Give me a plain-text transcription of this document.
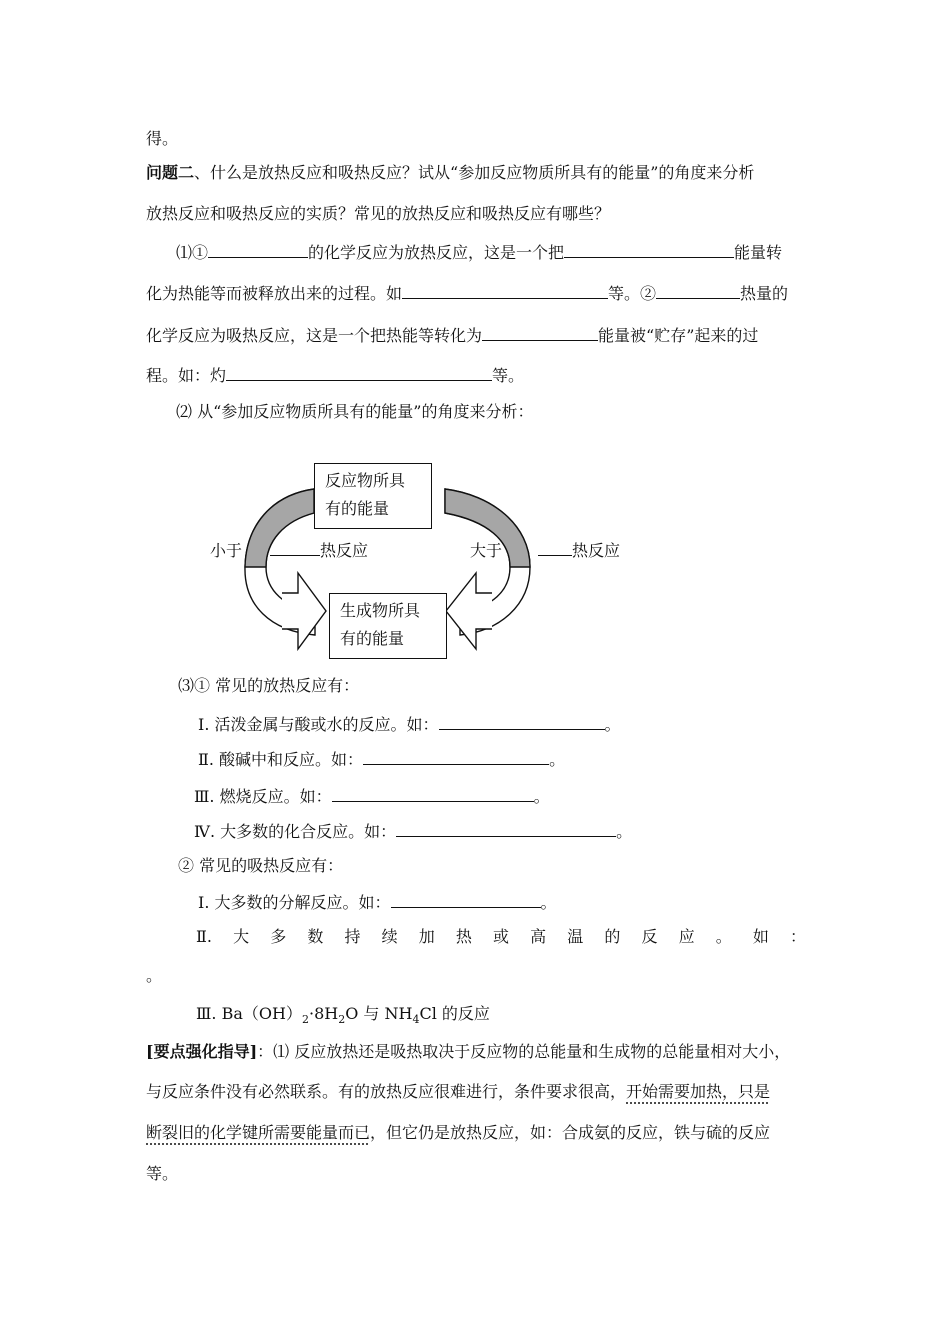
得。
问题二、什么是放热反应和吸热反应？试从“参加反应物质所具有的能量”的角度来分析
放热反应和吸热反应的实质？常见的放热反应和吸热反应有哪些？
⑴①	的化学反应为放热反应，这是一个把	能量转
化为热能等而被释放出来的过程。如	等。②	热量的
化学反应为吸热反应，这是一个把热能等转化为	能量被“贮存”起来的过
程。如：灼	等。
⑵ 从“参加反应物质所具有的能量”的角度来分析：
反应物所具
有的能量
生成物所具
有的能量
小于	热反应	大于	热反应
⑶① 常见的放热反应有：
Ⅰ. 活泼金属与酸或水的反应。如：	。
Ⅱ. 酸碱中和反应。如：	。
Ⅲ. 燃烧反应。如：	。
Ⅳ. 大多数的化合反应。如：	。
② 常见的吸热反应有：
Ⅰ. 大多数的分解反应。如：	。
Ⅱ. 大 多 数 持 续 加 热 或 高 温 的 反 应 。 如 ：
。
Ⅲ. $Ba(OH)_2\cdot 8H_2O$ 与 $NH_4Cl$ 的反应
[要点强化指导]：⑴ 反应放热还是吸热取决于反应物的总能量和生成物的总能量相对大小，
与反应条件没有必然联系。有的放热反应很难进行，条件要求很高，开始需要加热，只是
断裂旧的化学键所需要能量而已，但它仍是放热反应，如：合成氨的反应，铁与硫的反应
等。
